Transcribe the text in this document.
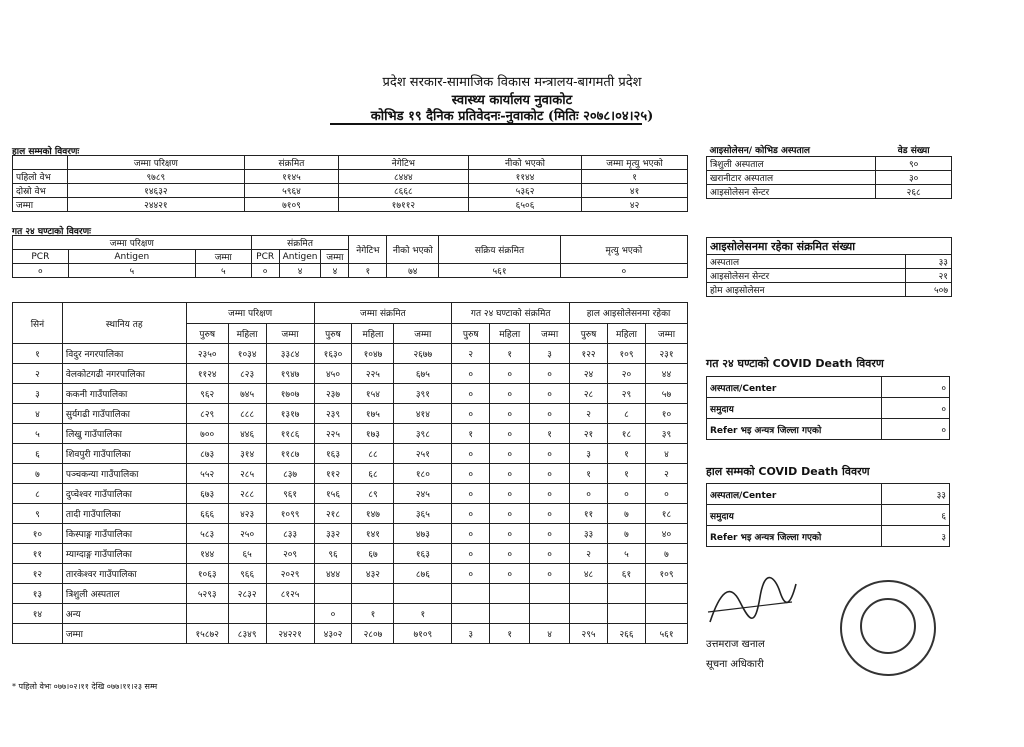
प्रदेश सरकार-सामाजिक विकास मन्त्रालय-बागमती प्रदेश
स्वास्थ्य कार्यालय नुवाकोट
कोभिड १९ दैनिक प्रतिवेदनः-नुवाकोट (मितिः २०७८।०४।२५)
हाल सम्मको विवरणः
	जम्मा परिक्षण	संक्रमित	नेगेटिभ	नीको भएको	जम्मा मृत्यु भएको
पहिलो वेभ	९७८९	११४५	८४४४	११४४	१
दोस्रो वेभ	१४६३२	५९६४	८६६८	५३६२	४१
जम्मा	२४४२१	७१०९	१७११२	६५०६	४२
आइसोलेसन/ कोभिड अस्पताल	वेड संख्या
त्रिशुली अस्पताल	९०
खरानीटार अस्पताल	३०
आइसोलेसन सेन्टर	२६८
गत २४ घण्टाको विवरणः
जम्मा परिक्षण			संक्रमित			नेगेटिभ	नीको भएको	सक्रिय संक्रमित	मृत्यु भएको
PCR	Antigen	जम्मा	PCR	Antigen	जम्मा				
०	५	५	०	४	४	१	७४	५६१	०
आइसोलेसनमा रहेका संक्रमित संख्या	
अस्पताल	३३
आइसोलेसन सेन्टर	२१
होम आइसोलेसन	५०७
सिनं	स्थानिय तह	जम्मा परिक्षण			जम्मा संक्रमित			गत २४ घण्टाको संक्रमित			हाल आइसोलेसनमा रहेका		
		पुरुष	महिला	जम्मा	पुरुष	महिला	जम्मा	पुरुष	महिला	जम्मा	पुरुष	महिला	जम्मा
१	विदुर नगरपालिका	२३५०	१०३४	३३८४	१६३०	१०४७	२६७७	२	१	३	१२२	१०९	२३१
२	वेलकोटगढी नगरपालिका	११२४	८२३	१९४७	४५०	२२५	६७५	०	०	०	२४	२०	४४
३	ककनी गाउँपालिका	९६२	७४५	१७०७	२३७	१५४	३९१	०	०	०	२८	२९	५७
४	सुर्यगढी गाउँपालिका	८२९	८८८	१३१७	२३९	१७५	४१४	०	०	०	२	८	१०
५	लिखु गाउँपालिका	७००	४४६	११८६	२२५	१७३	३९८	१	०	१	२१	१८	३९
६	शिवपुरी गाउँपालिका	८७३	३१४	११८७	१६३	८८	२५१	०	०	०	३	१	४
७	पञ्चकन्या गाउँपालिका	५५२	२८५	८३७	११२	६८	१८०	०	०	०	१	१	२
८	दुप्चेश्वर गाउँपालिका	६७३	२८८	९६१	१५६	८९	२४५	०	०	०	०	०	०
९	तादी गाउँपालिका	६६६	४२३	१०९९	२१८	१४७	३६५	०	०	०	११	७	१८
१०	किस्पाङ्ग गाउँपालिका	५८३	२५०	८३३	३३२	१४१	४७३	०	०	०	३३	७	४०
११	म्याग्दाङ्ग गाउँपालिका	१४४	६५	२०९	९६	६७	१६३	०	०	०	२	५	७
१२	तारकेश्वर गाउँपालिका	१०६३	९६६	२०२९	४४४	४३२	८७६	०	०	०	४८	६१	१०९
१३	त्रिशुली अस्पताल	५२९३	२८३२	८१२५									
१४	अन्य				०	१	१						
	जम्मा	१५८७२	८३४९	२४२२१	४३०२	२८०७	७१०९	३	१	४	२९५	२६६	५६१
गत २४ घण्टाको COVID Death विवरण
अस्पताल/Center	०
समुदाय	०
Refer भइ अन्यत्र जिल्ला गएको	०
हाल सम्मको COVID Death विवरण
अस्पताल/Center	३३
समुदाय	६
Refer भइ अन्यत्र जिल्ला गएको	३
उत्तमराज खनाल
सूचना अधिकारी
* पहिलो वेभः ०७७।०२।११ देखि ०७७।११।२३ सम्म
